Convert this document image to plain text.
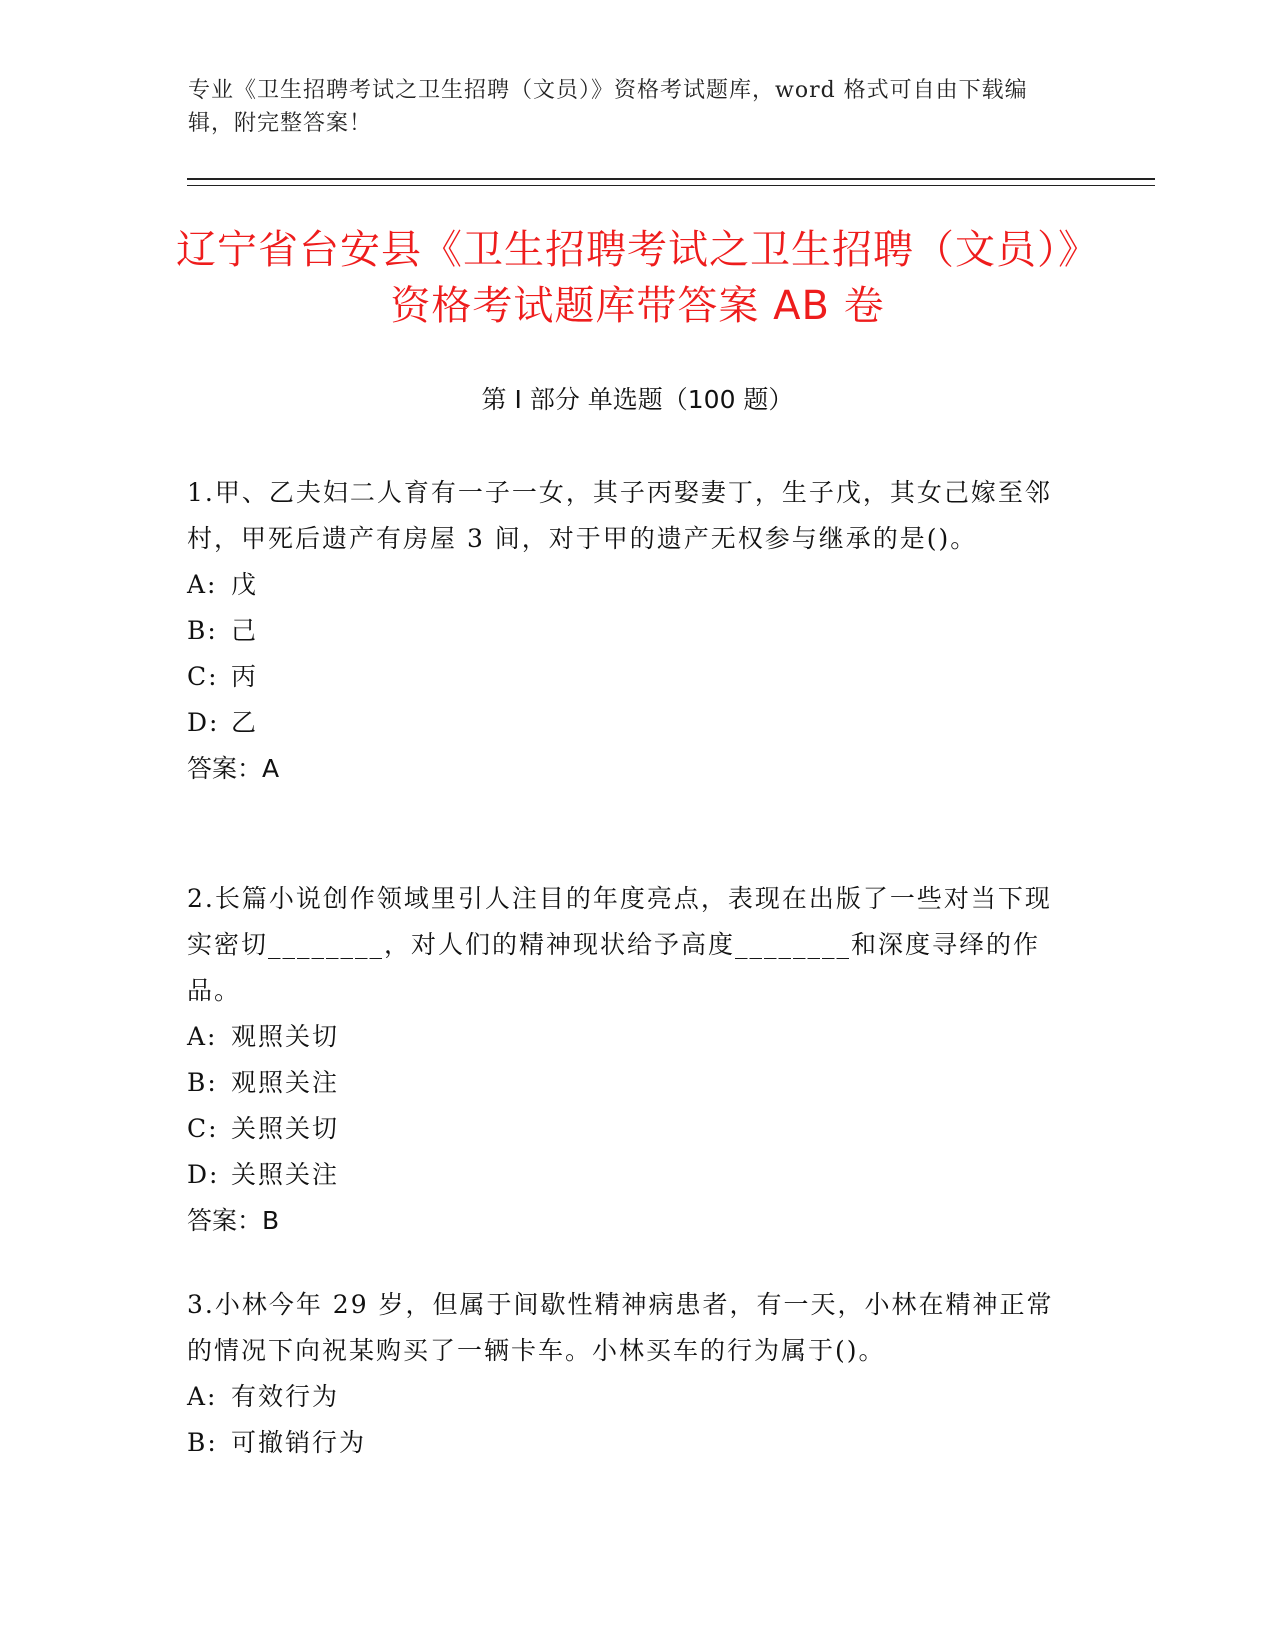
专业《卫生招聘考试之卫生招聘（文员）》资格考试题库，word 格式可自由下载编辑，附完整答案！
辽宁省台安县《卫生招聘考试之卫生招聘（文员）》资格考试题库带答案 AB 卷
第 I 部分 单选题（100 题）

1.甲、乙夫妇二人育有一子一女，其子丙娶妻丁，生子戊，其女己嫁至邻村，甲死后遗产有房屋 3 间，对于甲的遗产无权参与继承的是()。

A: 戊

B: 己

C: 丙

D: 乙

答案：A

2.长篇小说创作领域里引人注目的年度亮点，表现在出版了一些对当下现实密切________，对人们的精神现状给予高度________和深度寻绎的作品。

A: 观照关切

B: 观照关注

C: 关照关切

D: 关照关注

答案：B

3.小林今年 29 岁，但属于间歇性精神病患者，有一天，小林在精神正常的情况下向祝某购买了一辆卡车。小林买车的行为属于()。

A: 有效行为

B: 可撤销行为
